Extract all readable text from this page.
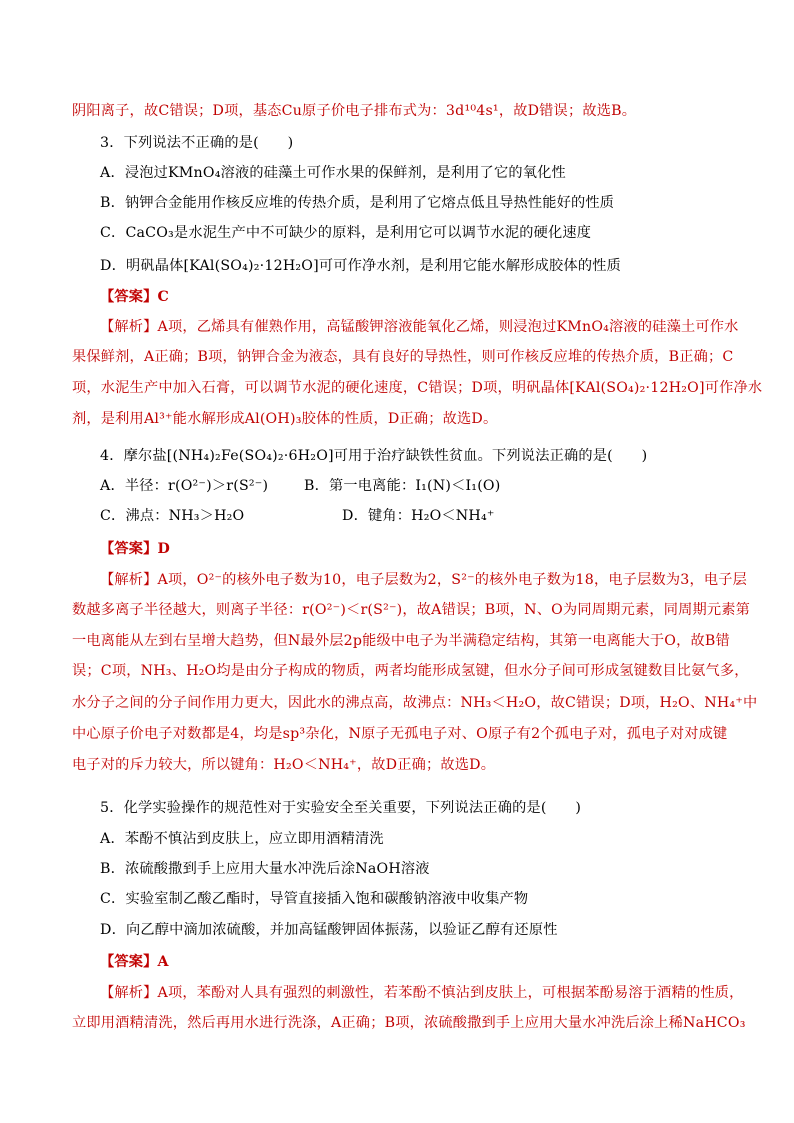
阴阳离子，故C错误；D项，基态Cu原子价电子排布式为：3d¹⁰4s¹，故D错误；故选B。
3．下列说法不正确的是(　　)
A．浸泡过KMnO₄溶液的硅藻土可作水果的保鲜剂，是利用了它的氧化性
B．钠钾合金能用作核反应堆的传热介质，是利用了它熔点低且导热性能好的性质
C．CaCO₃是水泥生产中不可缺少的原料，是利用它可以调节水泥的硬化速度
D．明矾晶体[KAl(SO₄)₂·12H₂O]可可作净水剂，是利用它能水解形成胶体的性质
【答案】C
【解析】A项，乙烯具有催熟作用，高锰酸钾溶液能氧化乙烯，则浸泡过KMnO₄溶液的硅藻土可作水
果保鲜剂，A正确；B项，钠钾合金为液态，具有良好的导热性，则可作核反应堆的传热介质，B正确；C
项，水泥生产中加入石膏，可以调节水泥的硬化速度，C错误；D项，明矾晶体[KAl(SO₄)₂·12H₂O]可作净水
剂，是利用Al³⁺能水解形成Al(OH)₃胶体的性质，D正确；故选D。
4．摩尔盐[(NH₄)₂Fe(SO₄)₂·6H₂O]可用于治疗缺铁性贫血。下列说法正确的是(　　)
A．半径：r(O²⁻)＞r(S²⁻)	B．第一电离能：I₁(N)＜I₁(O)
C．沸点：NH₃＞H₂O	D．键角：H₂O＜NH₄⁺
【答案】D
【解析】A项，O²⁻的核外电子数为10，电子层数为2，S²⁻的核外电子数为18，电子层数为3，电子层
数越多离子半径越大，则离子半径：r(O²⁻)＜r(S²⁻)，故A错误；B项，N、O为同周期元素，同周期元素第
一电离能从左到右呈增大趋势，但N最外层2p能级中电子为半满稳定结构，其第一电离能大于O，故B错
误；C项，NH₃、H₂O均是由分子构成的物质，两者均能形成氢键，但水分子间可形成氢键数目比氨气多，
水分子之间的分子间作用力更大，因此水的沸点高，故沸点：NH₃＜H₂O，故C错误；D项，H₂O、NH₄⁺中
中心原子价电子对数都是4，均是sp³杂化，N原子无孤电子对、O原子有2个孤电子对，孤电子对对成键
电子对的斥力较大，所以键角：H₂O＜NH₄⁺，故D正确；故选D。
5．化学实验操作的规范性对于实验安全至关重要，下列说法正确的是(　　)
A．苯酚不慎沾到皮肤上，应立即用酒精清洗
B．浓硫酸撒到手上应用大量水冲洗后涂NaOH溶液
C．实验室制乙酸乙酯时，导管直接插入饱和碳酸钠溶液中收集产物
D．向乙醇中滴加浓硫酸，并加高锰酸钾固体振荡，以验证乙醇有还原性
【答案】A
【解析】A项，苯酚对人具有强烈的刺激性，若苯酚不慎沾到皮肤上，可根据苯酚易溶于酒精的性质，
立即用酒精清洗，然后再用水进行洗涤，A正确；B项，浓硫酸撒到手上应用大量水冲洗后涂上稀NaHCO₃
